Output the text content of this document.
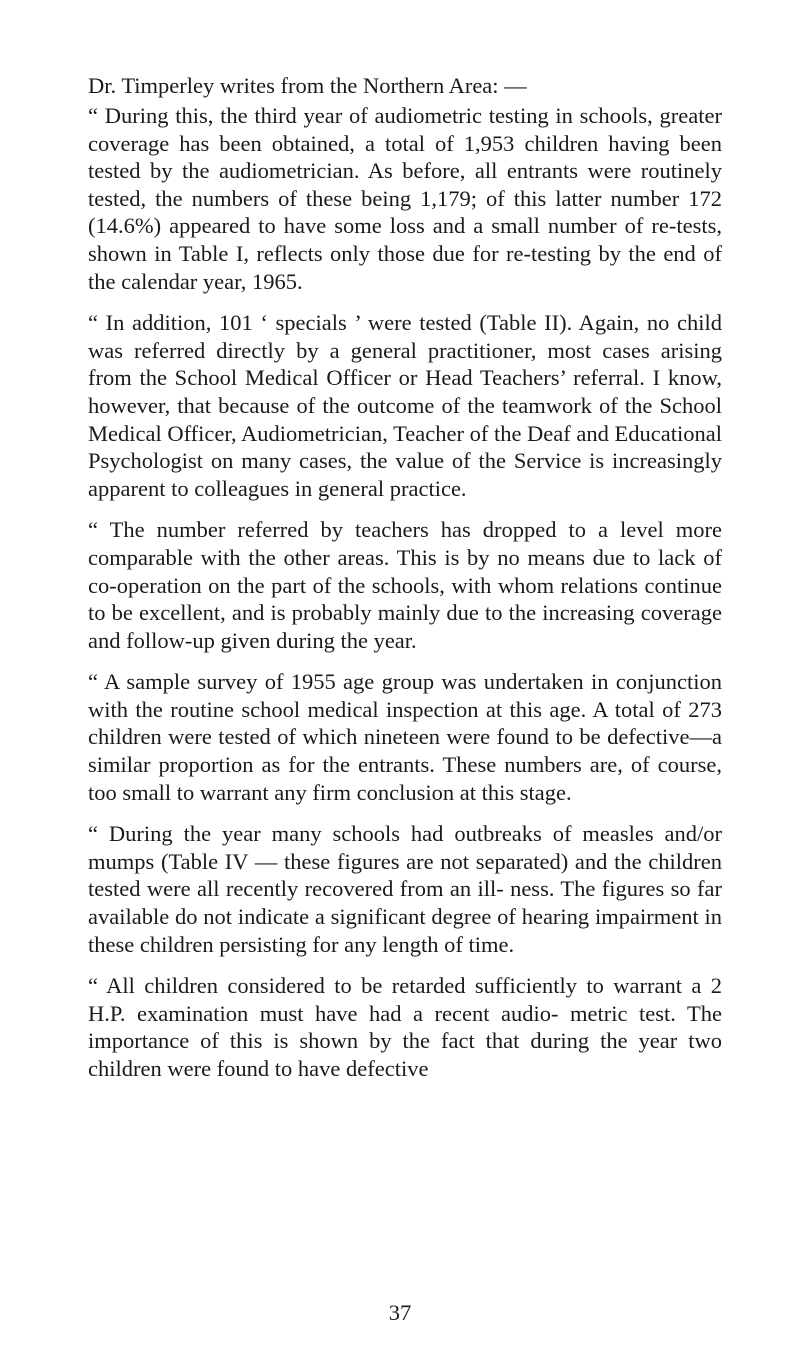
Dr. Timperley writes from the Northern Area: —

“ During this, the third year of audiometric testing in schools, greater coverage has been obtained, a total of 1,953 children having been tested by the audiometrician. As before, all entrants were routinely tested, the numbers of these being 1,179; of this latter number 172 (14.6%) appeared to have some loss and a small number of re-tests, shown in Table I, reflects only those due for re-testing by the end of the calendar year, 1965.

“ In addition, 101 ‘ specials ’ were tested (Table II). Again, no child was referred directly by a general practitioner, most cases arising from the School Medical Officer or Head Teachers’ referral. I know, however, that because of the outcome of the teamwork of the School Medical Officer, Audiometrician, Teacher of the Deaf and Educational Psychologist on many cases, the value of the Service is increasingly apparent to colleagues in general practice.

“ The number referred by teachers has dropped to a level more comparable with the other areas. This is by no means due to lack of co-operation on the part of the schools, with whom relations continue to be excellent, and is probably mainly due to the increasing coverage and follow-up given during the year.

“ A sample survey of 1955 age group was undertaken in conjunction with the routine school medical inspection at this age. A total of 273 children were tested of which nineteen were found to be defective—a similar proportion as for the entrants. These numbers are, of course, too small to warrant any firm conclusion at this stage.

“ During the year many schools had outbreaks of measles and/or mumps (Table IV — these figures are not separated) and the children tested were all recently recovered from an ill- ness. The figures so far available do not indicate a significant degree of hearing impairment in these children persisting for any length of time.

“ All children considered to be retarded sufficiently to warrant a 2 H.P. examination must have had a recent audio- metric test. The importance of this is shown by the fact that during the year two children were found to have defective

37
